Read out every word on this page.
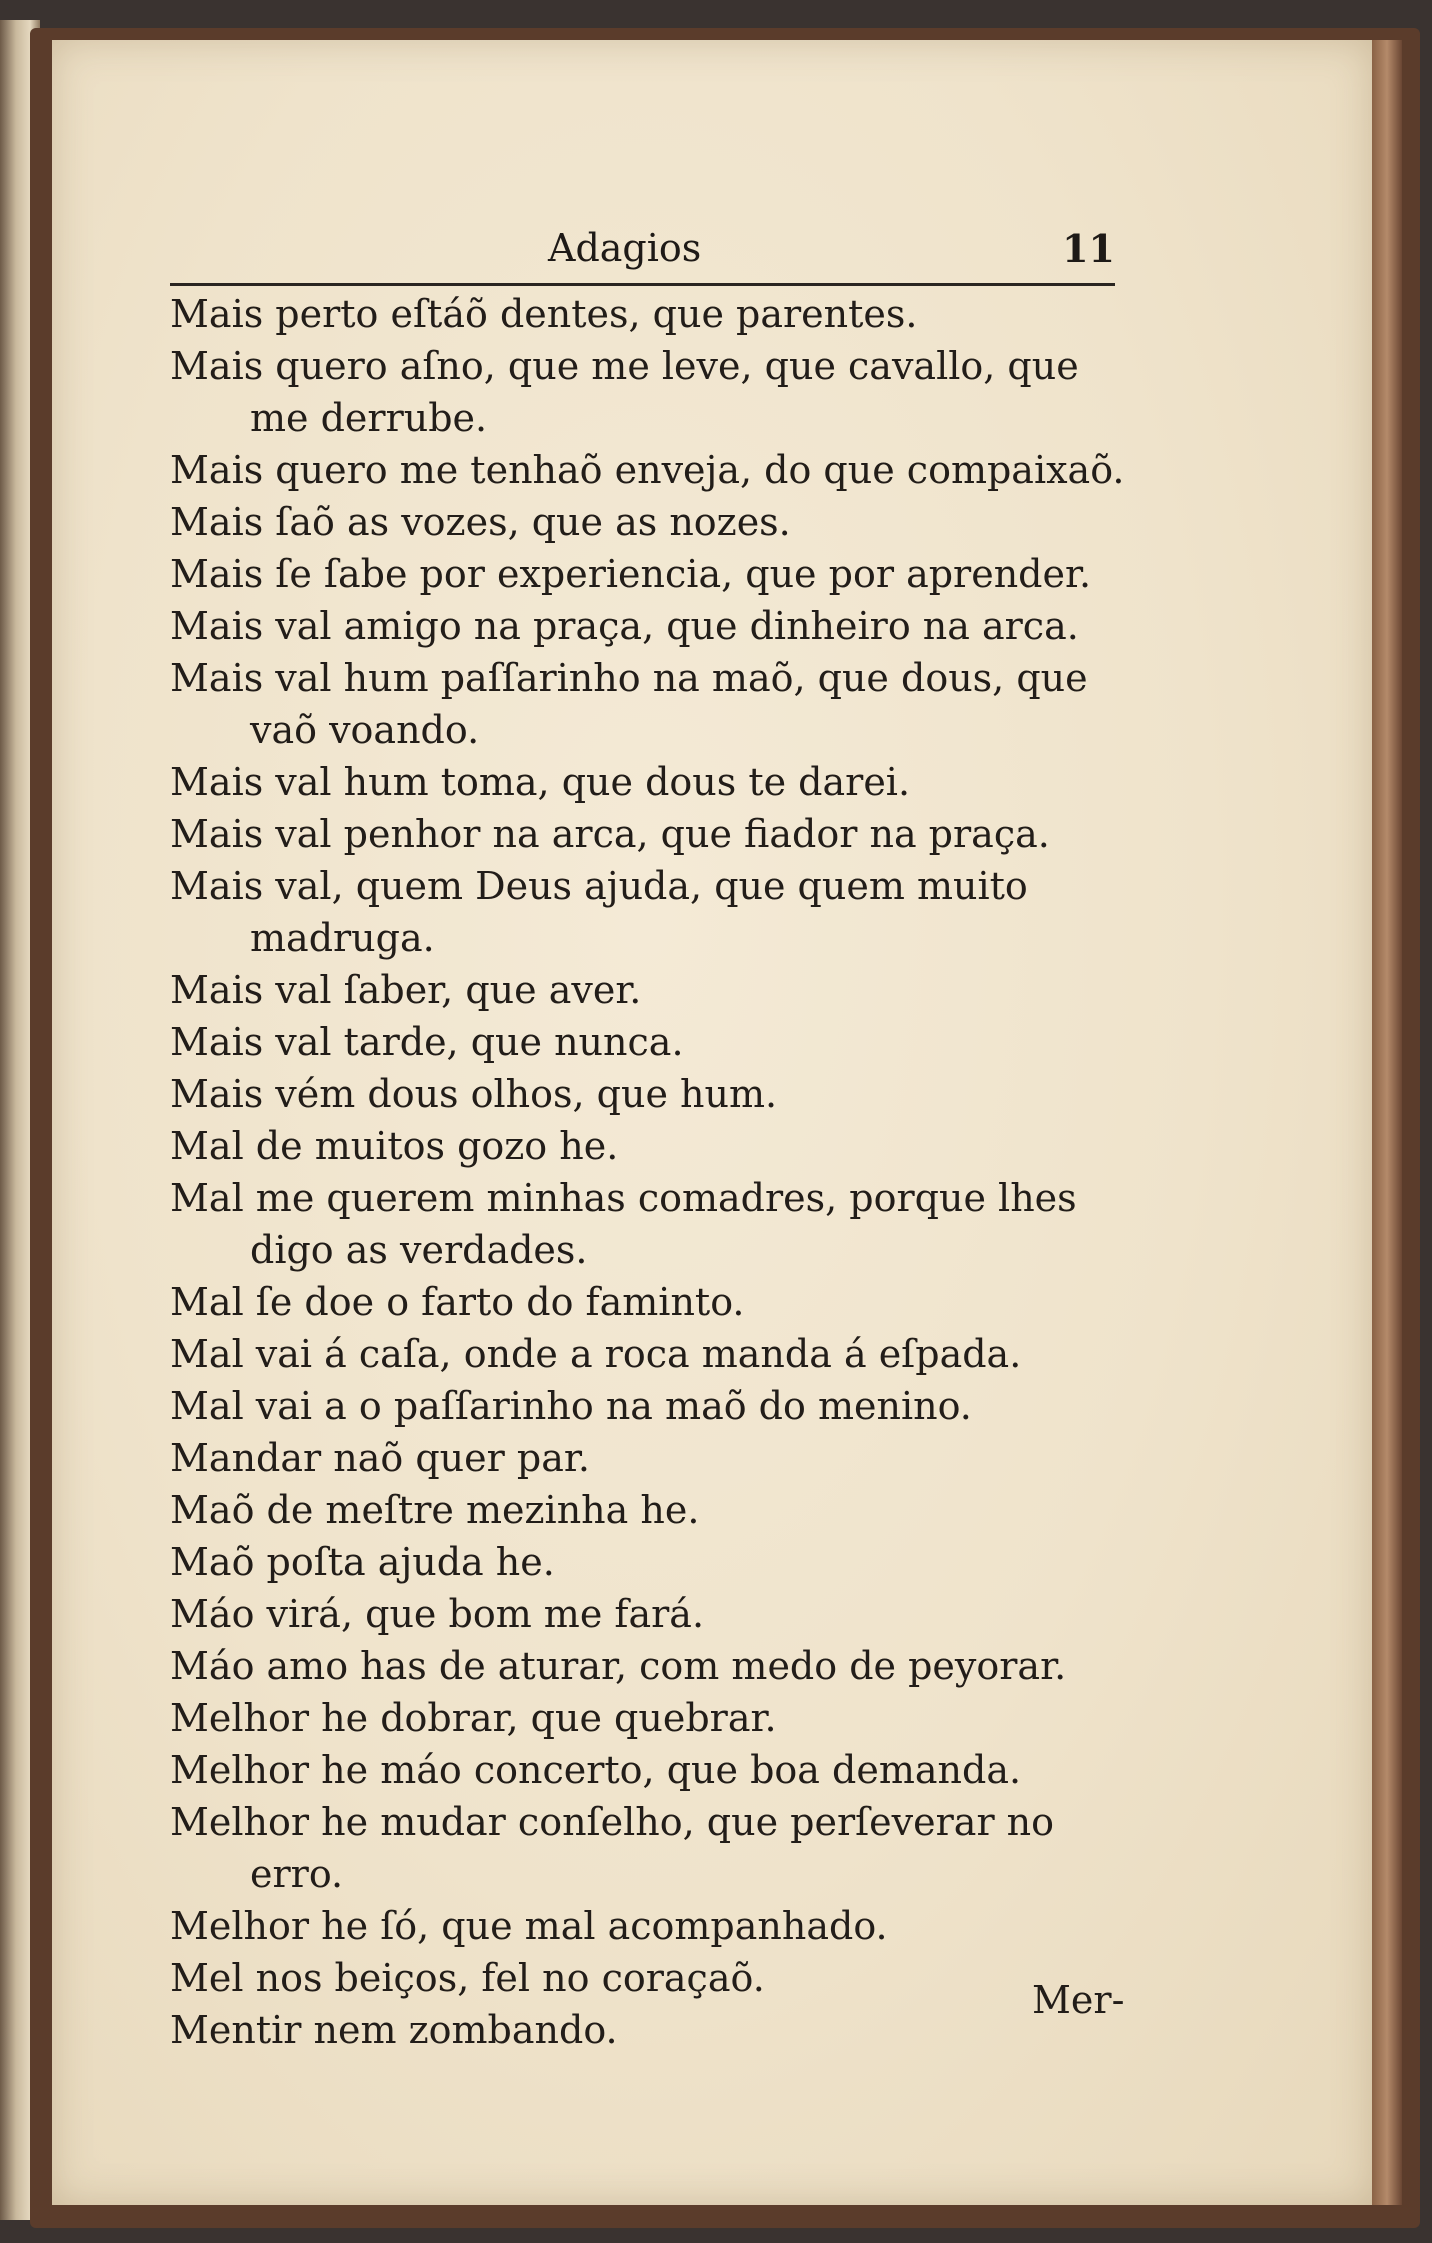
Adagios	11
Mais perto eſtáõ dentes, que parentes.
Mais quero aſno, que me leve, que cavallo, que me derrube.
Mais quero me tenhaõ enveja, do que compaixaõ.
Mais ſaõ as vozes, que as nozes.
Mais ſe ſabe por experiencia, que por aprender.
Mais val amigo na praça, que dinheiro na arca.
Mais val hum paſſarinho na maõ, que dous, que vaõ voando.
Mais val hum toma, que dous te darei.
Mais val penhor na arca, que fiador na praça.
Mais val, quem Deus ajuda, que quem muito madruga.
Mais val ſaber, que aver.
Mais val tarde, que nunca.
Mais vém dous olhos, que hum.
Mal de muitos gozo he.
Mal me querem minhas comadres, porque lhes digo as verdades.
Mal ſe doe o farto do faminto.
Mal vai á caſa, onde a roca manda á eſpada.
Mal vai a o paſſarinho na maõ do menino.
Mandar naõ quer par.
Maõ de meſtre mezinha he.
Maõ poſta ajuda he.
Máo virá, que bom me fará.
Máo amo has de aturar, com medo de peyorar.
Melhor he dobrar, que quebrar.
Melhor he máo concerto, que boa demanda.
Melhor he mudar conſelho, que perſeverar no erro.
Melhor he ſó, que mal acompanhado.
Mel nos beiços, fel no coraçaõ.
Mentir nem zombando.
Mer-
